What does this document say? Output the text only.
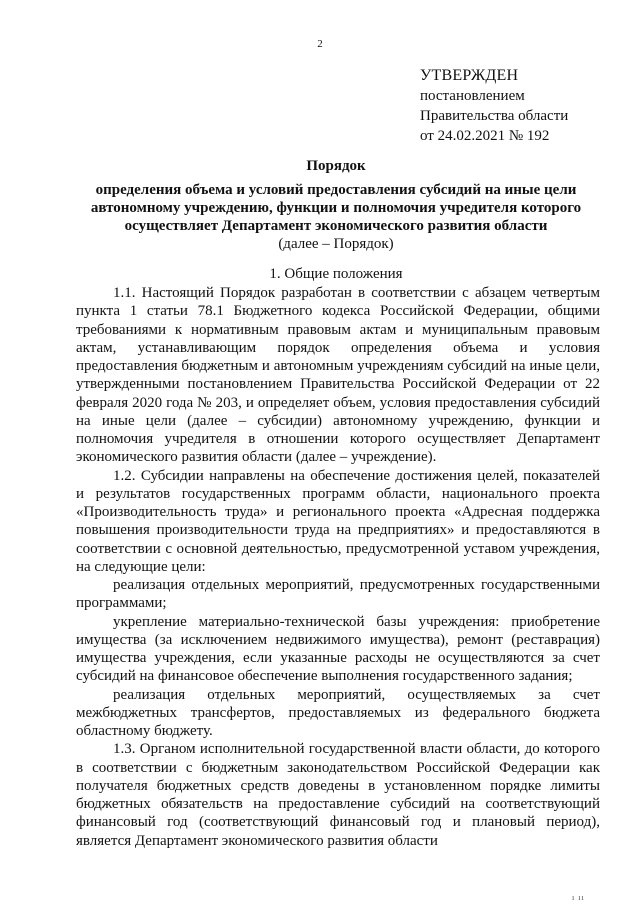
2
УТВЕРЖДЕН
постановлением
Правительства области
от 24.02.2021 № 192
Порядок
определения объема и условий предоставления субсидий на иные цели автономному учреждению, функции и полномочия учредителя которого осуществляет Департамент экономического развития области
(далее – Порядок)
1. Общие положения

1.1. Настоящий Порядок разработан в соответствии с абзацем четвертым пункта 1 статьи 78.1 Бюджетного кодекса Российской Федерации, общими требованиями к нормативным правовым актам и муниципальным правовым актам, устанавливающим порядок определения объема и условия предоставления бюджетным и автономным учреждениям субсидий на иные цели, утвержденными постановлением Правительства Российской Федерации от 22 февраля 2020 года № 203, и определяет объем, условия предоставления субсидий на иные цели (далее – субсидии) автономному учреждению, функции и полномочия учредителя в отношении которого осуществляет Департамент экономического развития области (далее – учреждение).

1.2. Субсидии направлены на обеспечение достижения целей, показателей и результатов государственных программ области, национального проекта «Производительность труда» и регионального проекта «Адресная поддержка повышения производительности труда на предприятиях» и предоставляются в соответствии с основной деятельностью, предусмотренной уставом учреждения, на следующие цели:

реализация отдельных мероприятий, предусмотренных государственными программами;

укрепление материально-технической базы учреждения: приобретение имущества (за исключением недвижимого имущества), ремонт (реставрация) имущества учреждения, если указанные расходы не осуществляются за счет субсидий на финансовое обеспечение выполнения государственного задания;

реализация отдельных мероприятий, осуществляемых за счет межбюджетных трансфертов, предоставляемых из федерального бюджета областному бюджету.

1.3. Органом исполнительной государственной власти области, до которого в соответствии с бюджетным законодательством Российской Федерации как получателя бюджетных средств доведены в установленном порядке лимиты бюджетных обязательств на предоставление субсидий на соответствующий финансовый год (соответствующий финансовый год и плановый период), является Департамент экономического развития области

ı ıı
